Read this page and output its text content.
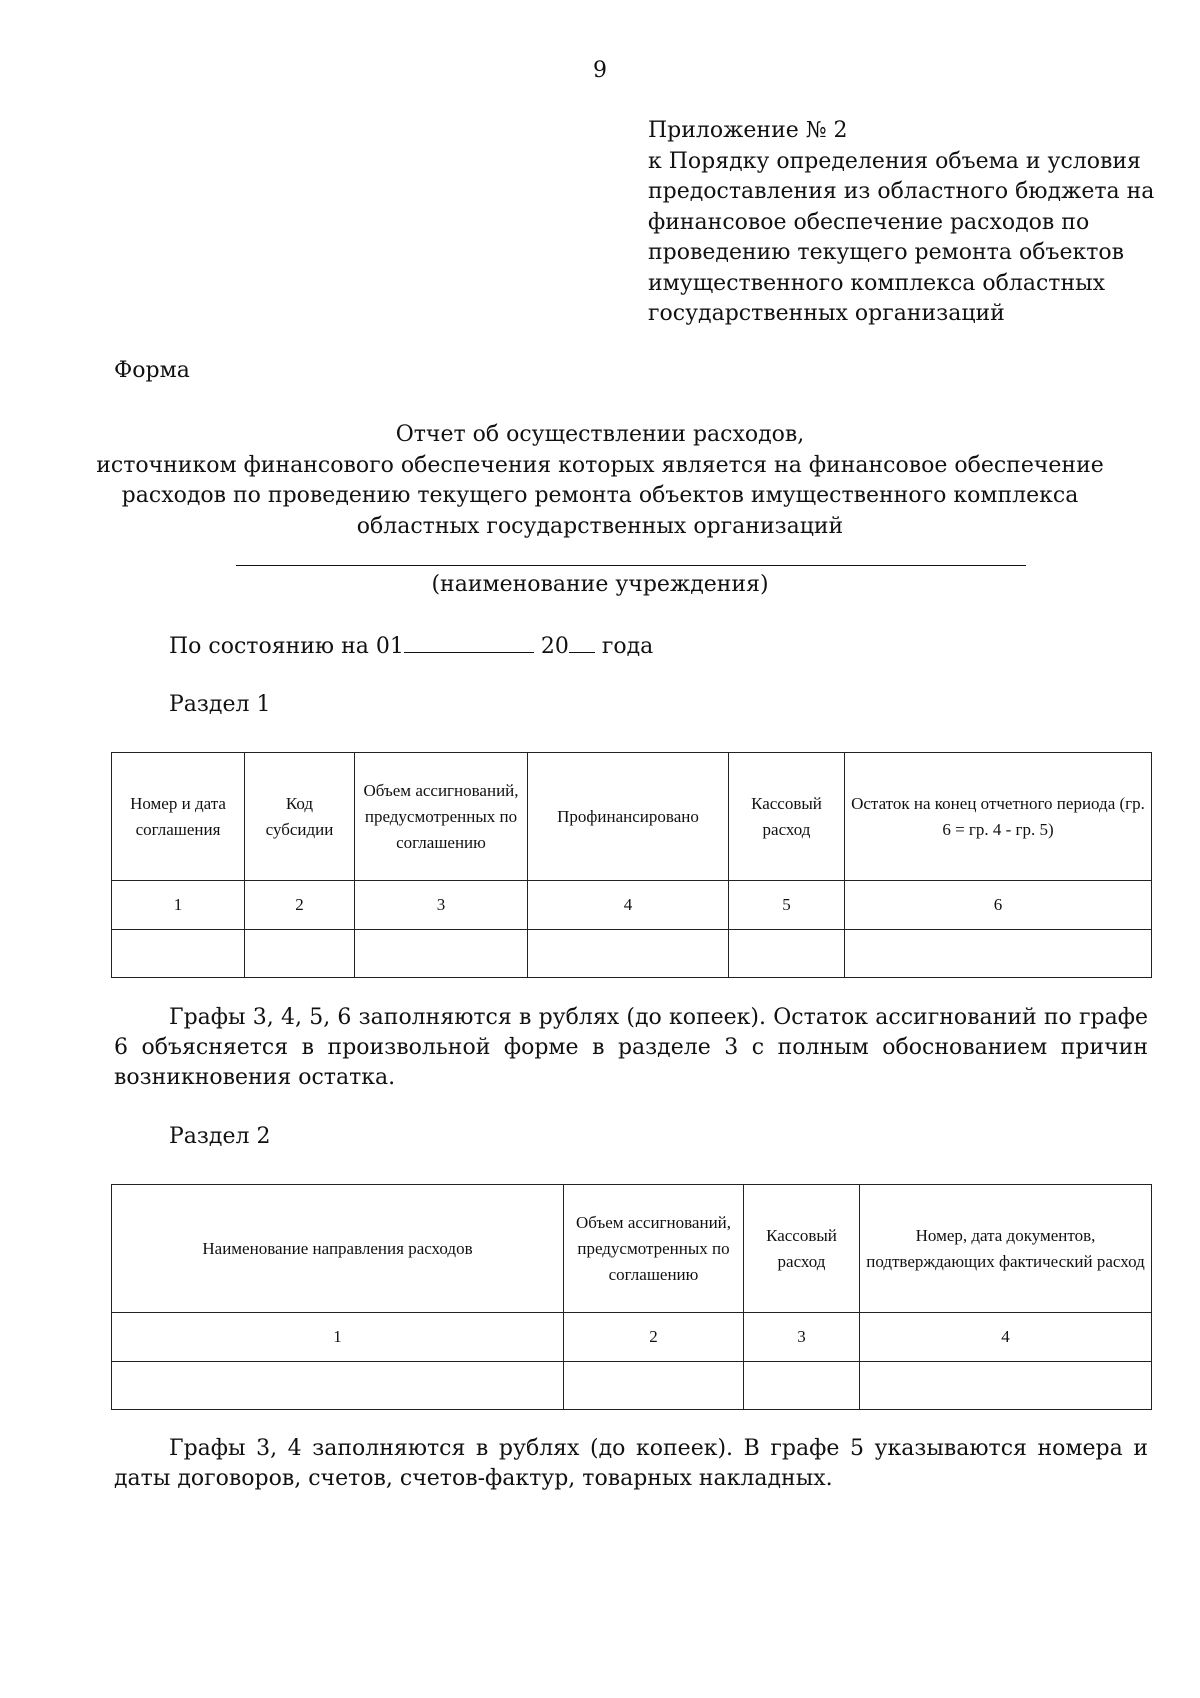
9
Приложение № 2
к Порядку определения объема и условия
предоставления из областного бюджета на
финансовое обеспечение расходов по
проведению текущего ремонта объектов
имущественного комплекса областных
государственных организаций
Форма
Отчет об осуществлении расходов,
источником финансового обеспечения которых является на финансовое обеспечение
расходов по проведению текущего ремонта объектов имущественного комплекса
областных государственных организаций
(наименование учреждения)
По состоянию на 01	20 года
Раздел 1
Номер и дата соглашения	Код субсидии	Объем ассигнований, предусмотренных по соглашению	Профинансировано	Кассовый расход	Остаток на конец отчетного периода (гр. 6 = гр. 4 - гр. 5)
1	2	3	4	5	6

Графы 3, 4, 5, 6 заполняются в рублях (до копеек). Остаток ассигнований по графе 6 объясняется в произвольной форме в разделе 3 с полным обоснованием причин возникновения остатка.

Раздел 2
Наименование направления расходов	Объем ассигнований, предусмотренных по соглашению	Кассовый расход	Номер, дата документов, подтверждающих фактический расход
1	2	3	4

Графы 3, 4 заполняются в рублях (до копеек). В графе 5 указываются номера и даты договоров, счетов, счетов-фактур, товарных накладных.
